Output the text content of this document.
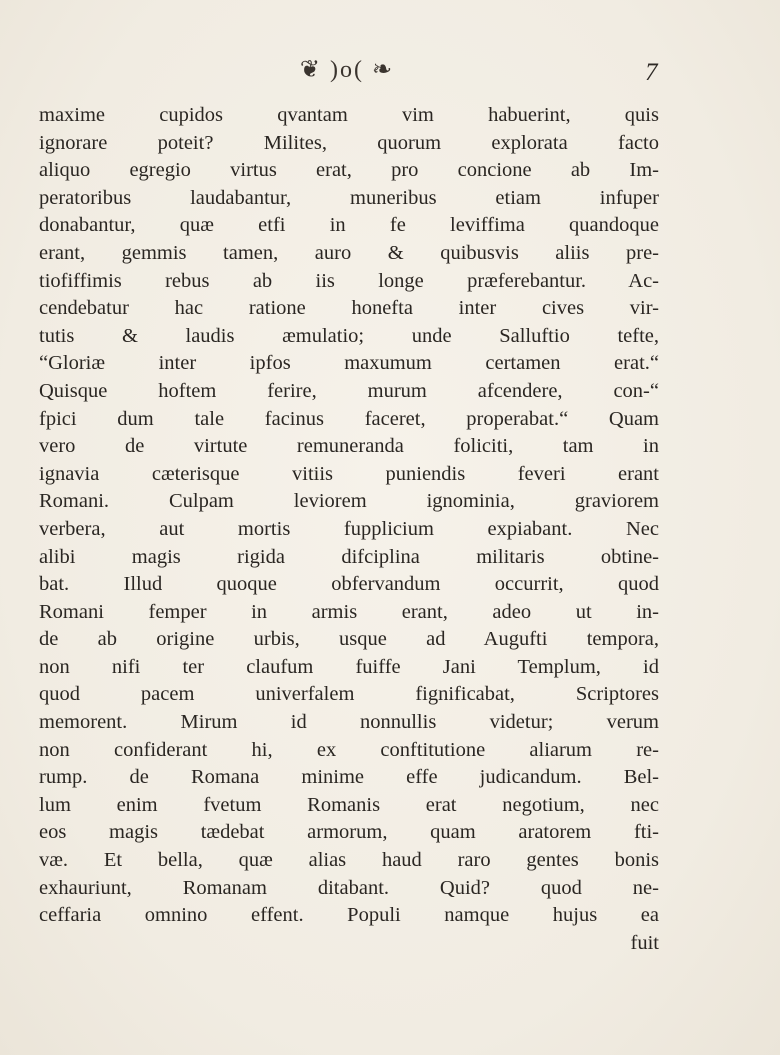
❦ )o( ❧	7
maxime cupidos qvantam vim habuerint, quis
ignorare poteit? Milites, quorum explorata facto
aliquo egregio virtus erat, pro concione ab Im-
peratoribus laudabantur, muneribus etiam infuper
donabantur, quæ etfi in fe leviffima quandoque
erant, gemmis tamen, auro & quibusvis aliis pre-
tiofiffimis rebus ab iis longe præferebantur. Ac-
cendebatur hac ratione honefta inter cives vir-
tutis & laudis æmulatio; unde Salluftio tefte,
“Gloriæ inter ipfos maxumum certamen erat.“
Quisque hoftem ferire, murum afcendere, con-“
fpici dum tale facinus faceret, properabat.“ Quam
vero de virtute remuneranda foliciti, tam in
ignavia cæterisque vitiis puniendis feveri erant
Romani. Culpam leviorem ignominia, graviorem
verbera, aut mortis fupplicium expiabant. Nec
alibi magis rigida difciplina militaris obtine-
bat. Illud quoque obfervandum occurrit, quod
Romani femper in armis erant, adeo ut in-
de ab origine urbis, usque ad Augufti tempora,
non nifi ter claufum fuiffe Jani Templum, id
quod pacem univerfalem fignificabat, Scriptores
memorent. Mirum id nonnullis videtur; verum
non confiderant hi, ex conftitutione aliarum re-
rump. de Romana minime effe judicandum. Bel-
lum enim fvetum Romanis erat negotium, nec
eos magis tædebat armorum, quam aratorem fti-
væ. Et bella, quæ alias haud raro gentes bonis
exhauriunt, Romanam ditabant. Quid? quod ne-
ceffaria omnino effent. Populi namque hujus ea
fuit
